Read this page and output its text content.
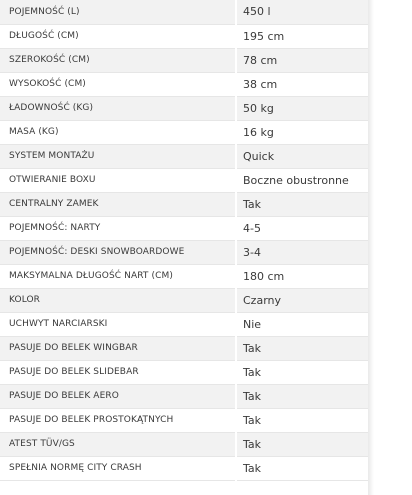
POJEMNOŚĆ (L)	450 l
DŁUGOŚĆ (CM)	195 cm
SZEROKOŚĆ (CM)	78 cm
WYSOKOŚĆ (CM)	38 cm
ŁADOWNOŚĆ (KG)	50 kg
MASA (KG)	16 kg
SYSTEM MONTAŻU	Quick
OTWIERANIE BOXU	Boczne obustronne
CENTRALNY ZAMEK	Tak
POJEMNOŚĆ: NARTY	4-5
POJEMNOŚĆ: DESKI SNOWBOARDOWE	3-4
MAKSYMALNA DŁUGOŚĆ NART (CM)	180 cm
KOLOR	Czarny
UCHWYT NARCIARSKI	Nie
PASUJE DO BELEK WINGBAR	Tak
PASUJE DO BELEK SLIDEBAR	Tak
PASUJE DO BELEK AERO	Tak
PASUJE DO BELEK PROSTOKĄTNYCH	Tak
ATEST TÜV/GS	Tak
SPEŁNIA NORMĘ CITY CRASH	Tak
